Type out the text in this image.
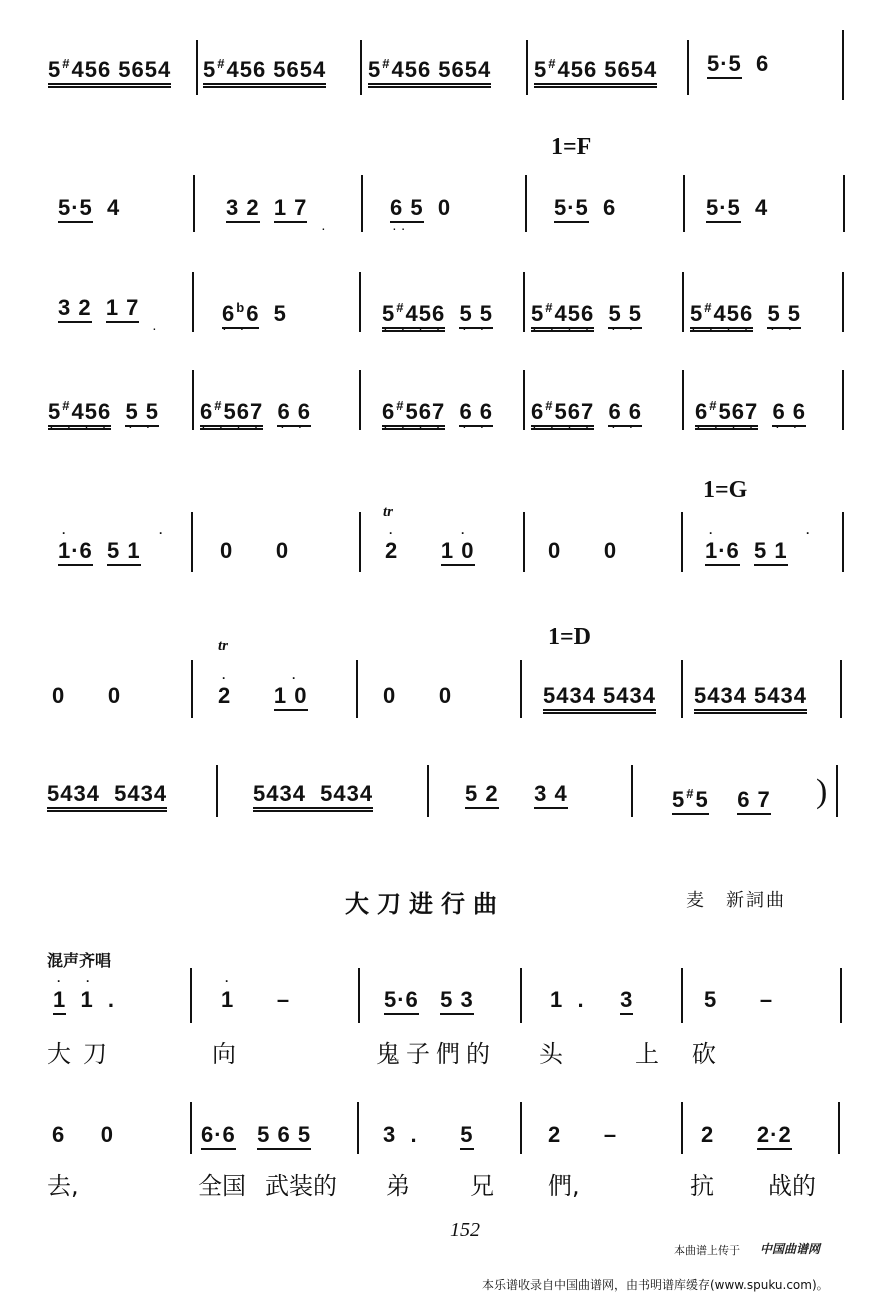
5#456 5654 5#456 5654 5#456 5654 5#456 5654 5·5  6
1=F
5·5  4	3 2 1 7
.
6 5  0
..
5·5  6	5·5  4
3 2 1 7
.
6$^b$6  5
. .
5#456 5 5
. . . .  . .
5#456 5 5
. . . .  . .
5#456 5 5
. . . .  . .
5#456 5 5
. . . .  . .
6#567 6 6
. . . .  . .
6#567 6 6
. . . .  . .
6#567 6 6
. . . .  . .
6#567 6 6
. . . .  . .
1=G
tr
·	·
1·6 5 1	0      0
·	·
2      1 0	0      0
·	·
1·6 5 1
1=D
tr
0      0
·	·
2      1 0	0      0	5434 5434 5434 5434
5434  5434	5434  5434	5 2 3 4	5#5 6 7 )
大刀进行曲	麦　新詞曲
混声齐唱
· ·
1  1  .
·
1      –	5·6 5 3	1  .     3	5      –
大刀	向	鬼子們的 头	上 砍
6     0	6·6 5 6 5	3  .      5	2      –	2      2·2
去,	全国 武装的 弟	兄 們,	抗 战的
152
本曲谱上传于 中国曲谱网
本乐谱收录自中国曲谱网，由书明谱库缓存(www.spuku.com)。
